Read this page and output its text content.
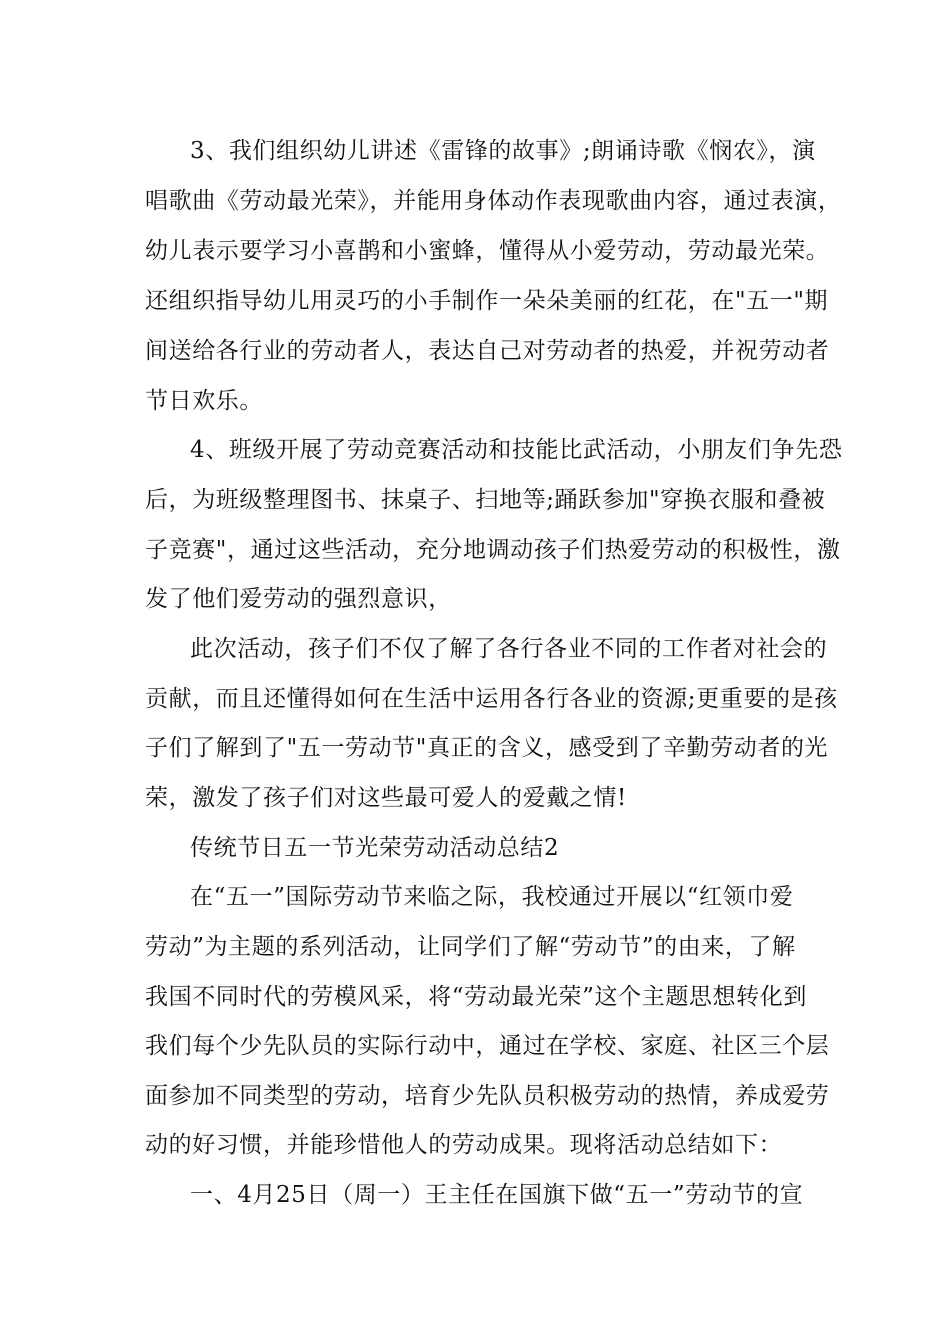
3、我们组织幼儿讲述《雷锋的故事》;朗诵诗歌《悯农》，演
唱歌曲《劳动最光荣》，并能用身体动作表现歌曲内容，通过表演，
幼儿表示要学习小喜鹊和小蜜蜂，懂得从小爱劳动，劳动最光荣。
还组织指导幼儿用灵巧的小手制作一朵朵美丽的红花，在"五一"期
间送给各行业的劳动者人，表达自己对劳动者的热爱，并祝劳动者
节日欢乐。
4、班级开展了劳动竞赛活动和技能比武活动，小朋友们争先恐
后，为班级整理图书、抹桌子、扫地等;踊跃参加"穿换衣服和叠被
子竞赛"，通过这些活动，充分地调动孩子们热爱劳动的积极性，激
发了他们爱劳动的强烈意识，
此次活动，孩子们不仅了解了各行各业不同的工作者对社会的
贡献，而且还懂得如何在生活中运用各行各业的资源;更重要的是孩
子们了解到了"五一劳动节"真正的含义，感受到了辛勤劳动者的光
荣，激发了孩子们对这些最可爱人的爱戴之情!
传统节日五一节光荣劳动活动总结2
在“五一”国际劳动节来临之际，我校通过开展以“红领巾爱
劳动”为主题的系列活动，让同学们了解“劳动节”的由来，了解
我国不同时代的劳模风采，将“劳动最光荣”这个主题思想转化到
我们每个少先队员的实际行动中，通过在学校、家庭、社区三个层
面参加不同类型的劳动，培育少先队员积极劳动的热情，养成爱劳
动的好习惯，并能珍惜他人的劳动成果。现将活动总结如下：
一、4月25日（周一）王主任在国旗下做“五一”劳动节的宣
